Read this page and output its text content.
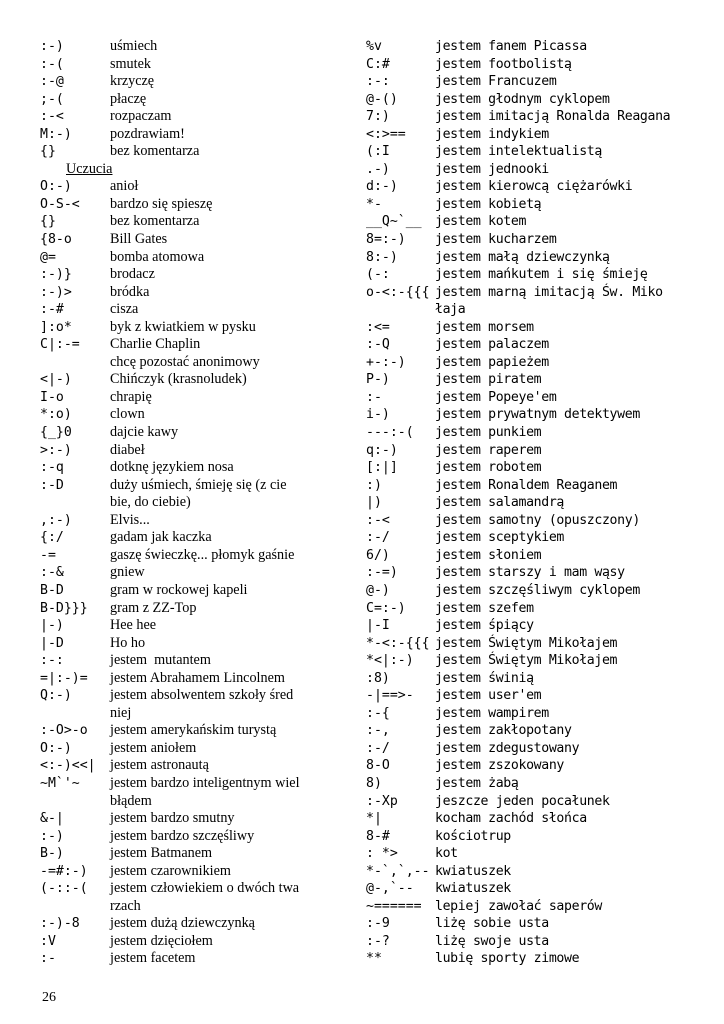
:-)	uśmiech
:-(	smutek
:-@	krzyczę
;-(	płaczę
:-<	rozpaczam
M:-)	pozdrawiam!
{}	bez komentarza
Uczucia
O:-)	anioł
O-S-<	bardzo się spieszę
{}	bez komentarza
{8-o	Bill Gates
@=	bomba atomowa
:-)}	brodacz
:-)>	bródka
:-#	cisza
]:o*	byk z kwiatkiem w pysku
C|:-=	Charlie Chaplin
chcę pozostać anonimowy
<|-)	Chińczyk (krasnoludek)
I-o	chrapię
*:o)	clown
{_}0	dajcie kawy
>:-)	diabeł
:-q	dotknę językiem nosa
:-D	duży uśmiech, śmieję się (z cie
bie, do ciebie)
,:-)	Elvis...
{:/	gadam jak kaczka
-=	gaszę świeczkę... płomyk gaśnie
:-&	gniew
B-D	gram w rockowej kapeli
B-D}}}	gram z ZZ-Top
|-)	Hee hee
|-D	Ho ho
:-:	jestem  mutantem
=|:-)=	jestem Abrahamem Lincolnem
Q:-)	jestem absolwentem szkoły śred
niej
:-O>-o	jestem amerykańskim turystą
O:-)	jestem aniołem
<:-)<<|	jestem astronautą
~M`'~	jestem bardzo inteligentnym wiel
błądem
&-|	jestem bardzo smutny
:-)	jestem bardzo szczęśliwy
B-)	jestem Batmanem
-=#:-)	jestem czarownikiem
(-::-(	jestem człowiekiem o dwóch twa
rzach
:-)-8	jestem dużą dziewczynką
:V	jestem dzięciołem
:-	jestem facetem
%v	jestem fanem Picassa
C:#	jestem footbolistą
:-:	jestem Francuzem
@-()	jestem głodnym cyklopem
7:)	jestem imitacją Ronalda Reagana
<:>==	jestem indykiem
(:I	jestem intelektualistą
.-)	jestem jednooki
d:-)	jestem kierowcą ciężarówki
*-	jestem kobietą
__Q~`__	jestem kotem
8=:-)	jestem kucharzem
8:-)	jestem małą dziewczynką
(-:	jestem mańkutem i się śmieję
o-<:-{{{ jestem marną imitacją Św. Miko
łaja
:<=	jestem morsem
:-Q	jestem palaczem
+-:-)	jestem papieżem
P-)	jestem piratem
:-	jestem Popeye'em
i-)	jestem prywatnym detektywem
---:-(	jestem punkiem
q:-)	jestem raperem
[:|]	jestem robotem
:)	jestem Ronaldem Reaganem
|)	jestem salamandrą
:-<	jestem samotny (opuszczony)
:-/	jestem sceptykiem
6/)	jestem słoniem
:-=)	jestem starszy i mam wąsy
@-)	jestem szczęśliwym cyklopem
C=:-)	jestem szefem
|-I	jestem śpiący
*-<:-{{{ jestem Świętym Mikołajem
*<|:-)	jestem Świętym Mikołajem
:8)	jestem świnią
-|==>-	jestem user'em
:-{	jestem wampirem
:-,	jestem zakłopotany
:-/	jestem zdegustowany
8-O	jestem zszokowany
8)	jestem żabą
:-Xp	jeszcze jeden pocałunek
*|	kocham zachód słońca
8-#	kościotrup
: *>	kot
*-`,`,-- kwiatuszek
@-,`--	kwiatuszek
~======	lepiej zawołać saperów
:-9	liżę sobie usta
:-?	liżę swoje usta
**	lubię sporty zimowe
26
